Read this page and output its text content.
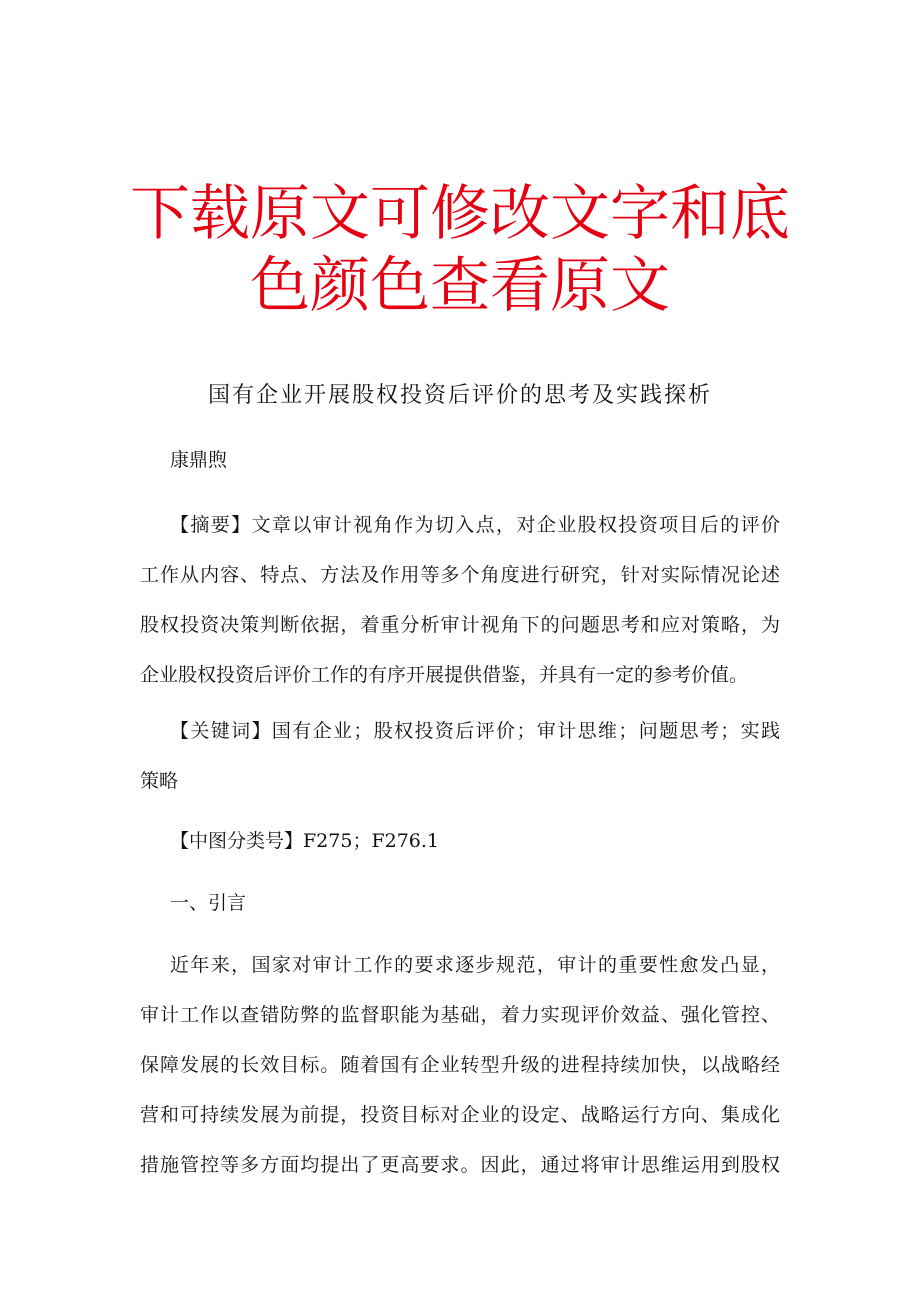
下载原文可修改文字和底
色颜色查看原文
国有企业开展股权投资后评价的思考及实践探析
康鼎煦
【摘要】文章以审计视角作为切入点，对企业股权投资项目后的评价
工作从内容、特点、方法及作用等多个角度进行研究，针对实际情况论述
股权投资决策判断依据，着重分析审计视角下的问题思考和应对策略，为
企业股权投资后评价工作的有序开展提供借鉴，并具有一定的参考价值。
【关键词】国有企业；股权投资后评价；审计思维；问题思考；实践
策略
【中图分类号】F275；F276.1
一、引言
近年来，国家对审计工作的要求逐步规范，审计的重要性愈发凸显，
审计工作以查错防弊的监督职能为基础，着力实现评价效益、强化管控、
保障发展的长效目标。随着国有企业转型升级的进程持续加快，以战略经
营和可持续发展为前提，投资目标对企业的设定、战略运行方向、集成化
措施管控等多方面均提出了更高要求。因此，通过将审计思维运用到股权
